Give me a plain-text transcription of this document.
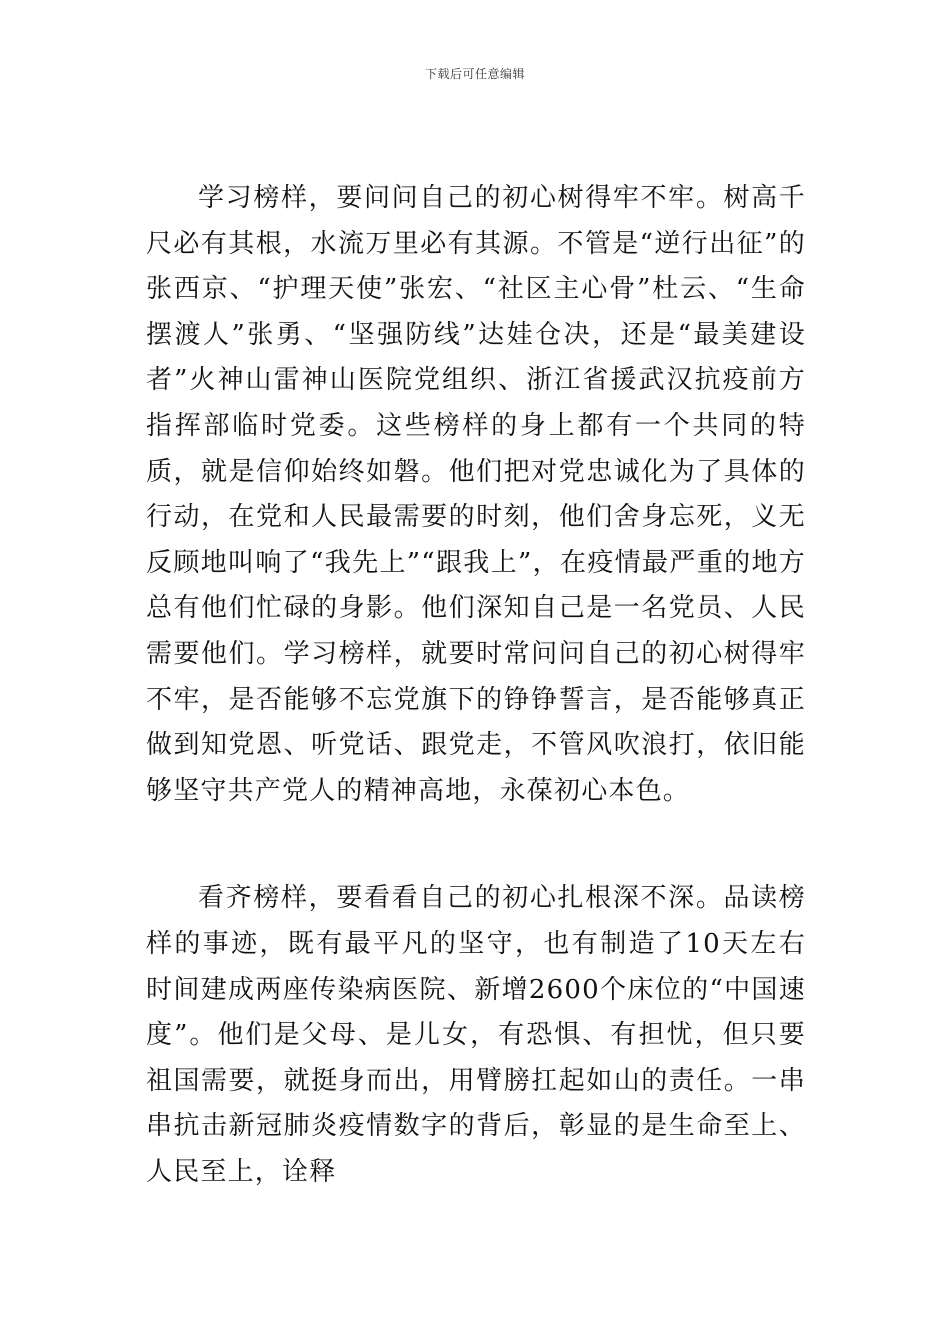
下载后可任意编辑

学习榜样，要问问自己的初心树得牢不牢。树高千尺必有其根，水流万里必有其源。不管是“逆行出征”的张西京、“护理天使”张宏、“社区主心骨”杜云、“生命摆渡人”张勇、“坚强防线”达娃仓决，还是“最美建设者”火神山雷神山医院党组织、浙江省援武汉抗疫前方指挥部临时党委。这些榜样的身上都有一个共同的特质，就是信仰始终如磐。他们把对党忠诚化为了具体的行动，在党和人民最需要的时刻，他们舍身忘死，义无反顾地叫响了“我先上”“跟我上”，在疫情最严重的地方总有他们忙碌的身影。他们深知自己是一名党员、人民需要他们。学习榜样，就要时常问问自己的初心树得牢不牢，是否能够不忘党旗下的铮铮誓言，是否能够真正做到知党恩、听党话、跟党走，不管风吹浪打，依旧能够坚守共产党人的精神高地，永葆初心本色。

看齐榜样，要看看自己的初心扎根深不深。品读榜样的事迹，既有最平凡的坚守，也有制造了10天左右时间建成两座传染病医院、新增2600个床位的“中国速度”。他们是父母、是儿女，有恐惧、有担忧，但只要祖国需要，就挺身而出，用臂膀扛起如山的责任。一串串抗击新冠肺炎疫情数字的背后，彰显的是生命至上、人民至上，诠释
